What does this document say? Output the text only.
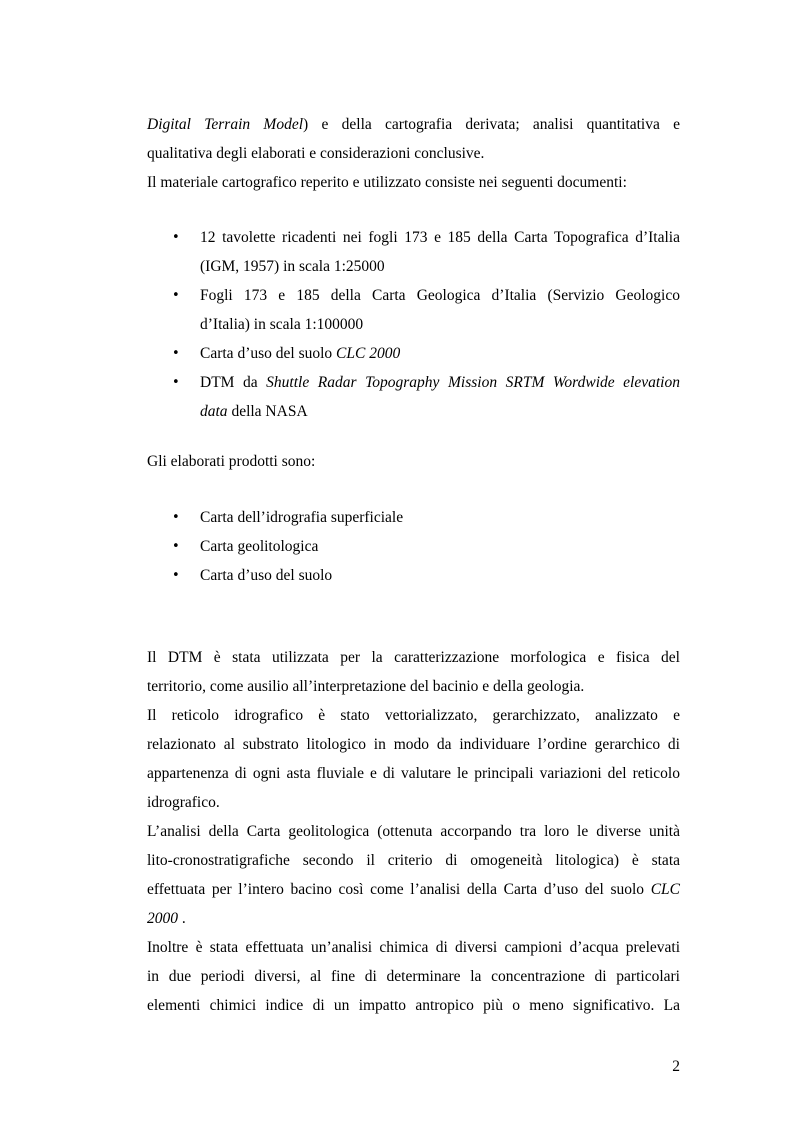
Digital Terrain Model) e della cartografia derivata; analisi quantitativa e
qualitativa degli elaborati e considerazioni conclusive.
Il materiale cartografico reperito e utilizzato consiste nei seguenti documenti:
• 12 tavolette ricadenti nei fogli 173 e 185 della Carta Topografica d’Italia
(IGM, 1957) in scala 1:25000
• Fogli 173 e 185 della Carta Geologica d’Italia (Servizio Geologico
d’Italia) in scala 1:100000
• Carta d’uso del suolo CLC 2000
• DTM da Shuttle Radar Topography Mission SRTM Wordwide elevation
data della NASA
Gli elaborati prodotti sono:
• Carta dell’idrografia superficiale
• Carta geolitologica
• Carta d’uso del suolo
Il DTM è stata utilizzata per la caratterizzazione morfologica e fisica del
territorio, come ausilio all’interpretazione del bacinio e della geologia.
Il reticolo idrografico è stato vettorializzato, gerarchizzato, analizzato e
relazionato al substrato litologico in modo da individuare l’ordine gerarchico di
appartenenza di ogni asta fluviale e di valutare le principali variazioni del reticolo
idrografico.
L’analisi della Carta geolitologica (ottenuta accorpando tra loro le diverse unità
lito-cronostratigrafiche secondo il criterio di omogeneità litologica) è stata
effettuata per l’intero bacino così come l’analisi della Carta d’uso del suolo CLC
2000 .
Inoltre è stata effettuata un’analisi chimica di diversi campioni d’acqua prelevati
in due periodi diversi, al fine di determinare la concentrazione di particolari
elementi chimici indice di un impatto antropico più o meno significativo. La
2
